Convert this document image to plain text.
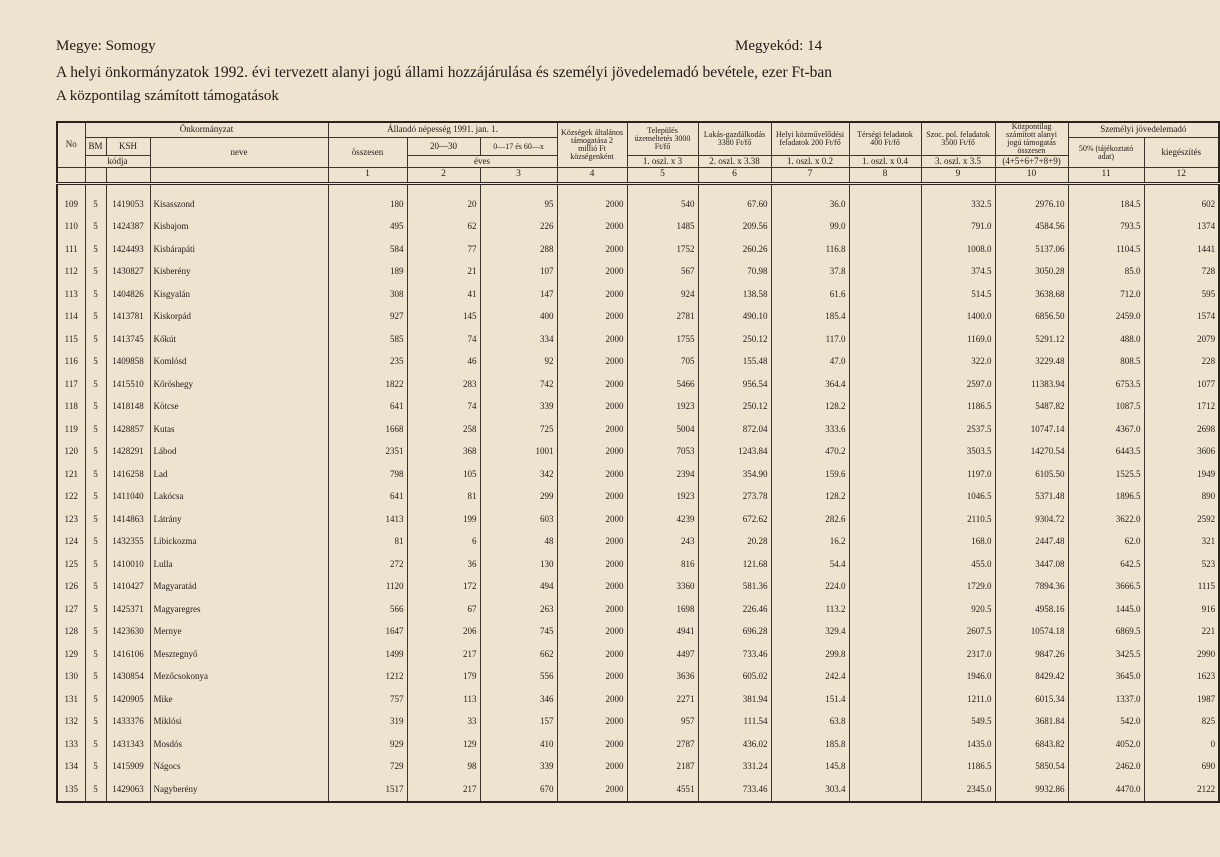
Megye: Somogy	Megyekód: 14
A helyi önkormányzatok 1992. évi tervezett alanyi jogú állami hozzájárulása és személyi jövedelemadó bevétele, ezer Ft-ban
A központilag számított támogatások
No	Önkormányzat			Állandó népesség 1991. jan. 1.			Községek általános támogatása 2 millió Ft községenként	Település üzemeltetés 3000 Ft/fő	Lakás-gazdálkodás 3380 Ft/fő	Helyi közművelődési feladatok 200 Ft/fő	Térségi feladatok 400 Ft/fő	Szoc. pol. feladatok 3500 Ft/fő	Központilag számított alanyi jogú támogatás összesen	Személyi jövedelemadó	
	BM	KSH	neve	összesen	20—30	0—17 és 60—x								50% (tájékoztató adat)	kiegészítés
	kódja				éves			1. oszl. x 3	2. oszl. x 3.38	1. oszl. x 0.2	1. oszl. x 0.4	3. oszl. x 3.5	(4+5+6+7+8+9)		
				1	2	3	4	5	6	7	8	9	10	11	12

109	5	1419053	Kisasszond	180	20	95	2000	540	67.60	36.0		332.5	2976.10	184.5	602
110	5	1424387	Kisbajom	495	62	226	2000	1485	209.56	99.0		791.0	4584.56	793.5	1374
111	5	1424493	Kisbárapáti	584	77	288	2000	1752	260.26	116.8		1008.0	5137.06	1104.5	1441
112	5	1430827	Kisberény	189	21	107	2000	567	70.98	37.8		374.5	3050.28	85.0	728
113	5	1404826	Kisgyalán	308	41	147	2000	924	138.58	61.6		514.5	3638.68	712.0	595
114	5	1413781	Kiskorpád	927	145	400	2000	2781	490.10	185.4		1400.0	6856.50	2459.0	1574
115	5	1413745	Kőkút	585	74	334	2000	1755	250.12	117.0		1169.0	5291.12	488.0	2079
116	5	1409858	Komlósd	235	46	92	2000	705	155.48	47.0		322.0	3229.48	808.5	228
117	5	1415510	Kőröshegy	1822	283	742	2000	5466	956.54	364.4		2597.0	11383.94	6753.5	1077
118	5	1418148	Kötcse	641	74	339	2000	1923	250.12	128.2		1186.5	5487.82	1087.5	1712
119	5	1428857	Kutas	1668	258	725	2000	5004	872.04	333.6		2537.5	10747.14	4367.0	2698
120	5	1428291	Lábod	2351	368	1001	2000	7053	1243.84	470.2		3503.5	14270.54	6443.5	3606
121	5	1416258	Lad	798	105	342	2000	2394	354.90	159.6		1197.0	6105.50	1525.5	1949
122	5	1411040	Lakócsa	641	81	299	2000	1923	273.78	128.2		1046.5	5371.48	1896.5	890
123	5	1414863	Látrány	1413	199	603	2000	4239	672.62	282.6		2110.5	9304.72	3622.0	2592
124	5	1432355	Libickozma	81	6	48	2000	243	20.28	16.2		168.0	2447.48	62.0	321
125	5	1410010	Lulla	272	36	130	2000	816	121.68	54.4		455.0	3447.08	642.5	523
126	5	1410427	Magyaratád	1120	172	494	2000	3360	581.36	224.0		1729.0	7894.36	3666.5	1115
127	5	1425371	Magyaregres	566	67	263	2000	1698	226.46	113.2		920.5	4958.16	1445.0	916
128	5	1423630	Mernye	1647	206	745	2000	4941	696.28	329.4		2607.5	10574.18	6869.5	221
129	5	1416106	Mesztegnyő	1499	217	662	2000	4497	733.46	299.8		2317.0	9847.26	3425.5	2990
130	5	1430854	Mezőcsokonya	1212	179	556	2000	3636	605.02	242.4		1946.0	8429.42	3645.0	1623
131	5	1420905	Mike	757	113	346	2000	2271	381.94	151.4		1211.0	6015.34	1337.0	1987
132	5	1433376	Miklósi	319	33	157	2000	957	111.54	63.8		549.5	3681.84	542.0	825
133	5	1431343	Mosdós	929	129	410	2000	2787	436.02	185.8		1435.0	6843.82	4052.0	0
134	5	1415909	Nágocs	729	98	339	2000	2187	331.24	145.8		1186.5	5850.54	2462.0	690
135	5	1429063	Nagyberény	1517	217	670	2000	4551	733.46	303.4		2345.0	9932.86	4470.0	2122
